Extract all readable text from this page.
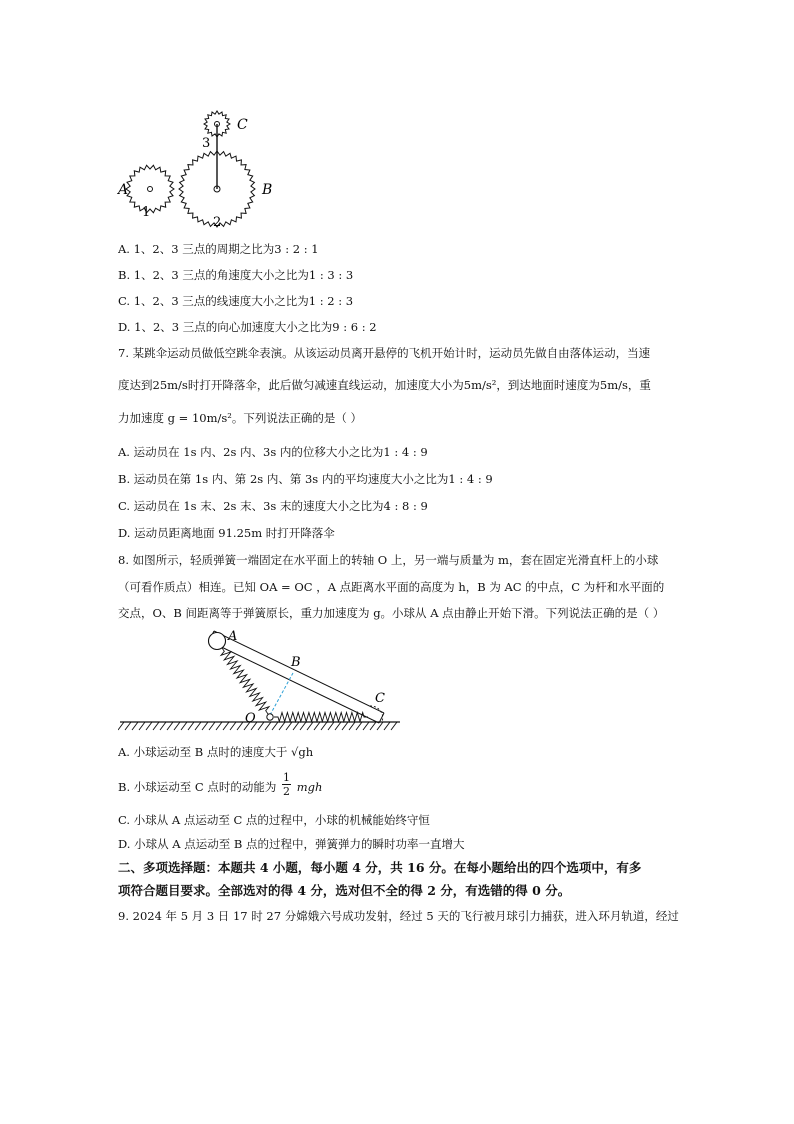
C
3
A
1
B
2
A. 1、2、3 三点的周期之比为3 : 2 : 1
B. 1、2、3 三点的角速度大小之比为1 : 3 : 3
C. 1、2、3 三点的线速度大小之比为1 : 2 : 3
D. 1、2、3 三点的向心加速度大小之比为9 : 6 : 2
7. 某跳伞运动员做低空跳伞表演。从该运动员离开悬停的飞机开始计时，运动员先做自由落体运动，当速
度达到25m/s时打开降落伞，此后做匀减速直线运动，加速度大小为5m/s²，到达地面时速度为5m/s，重
力加速度 g = 10m/s²。下列说法正确的是（ ）
A. 运动员在 1s 内、2s 内、3s 内的位移大小之比为1 : 4 : 9
B. 运动员在第 1s 内、第 2s 内、第 3s 内的平均速度大小之比为1 : 4 : 9
C. 运动员在 1s 末、2s 末、3s 末的速度大小之比为4 : 8 : 9
D. 运动员距离地面 91.25m 时打开降落伞
8. 如图所示，轻质弹簧一端固定在水平面上的转轴 O 上，另一端与质量为 m，套在固定光滑直杆上的小球
（可看作质点）相连。已知 OA = OC ，A 点距离水平面的高度为 h，B 为 AC 的中点，C 为杆和水平面的
交点，O、B 间距离等于弹簧原长，重力加速度为 g。小球从 A 点由静止开始下滑。下列说法正确的是（ ）
A
B
C
O
A. 小球运动至 B 点时的速度大于 √gh
B. 小球运动至 C 点时的动能为 $\frac{1}{2}$ mgh
C. 小球从 A 点运动至 C 点的过程中，小球的机械能始终守恒
D. 小球从 A 点运动至 B 点的过程中，弹簧弹力的瞬时功率一直增大
二、多项选择题：本题共 4 小题，每小题 4 分，共 16 分。在每小题给出的四个选项中，有多
项符合题目要求。全部选对的得 4 分，选对但不全的得 2 分，有选错的得 0 分。
9. 2024 年 5 月 3 日 17 时 27 分嫦娥六号成功发射，经过 5 天的飞行被月球引力捕获，进入环月轨道，经过
